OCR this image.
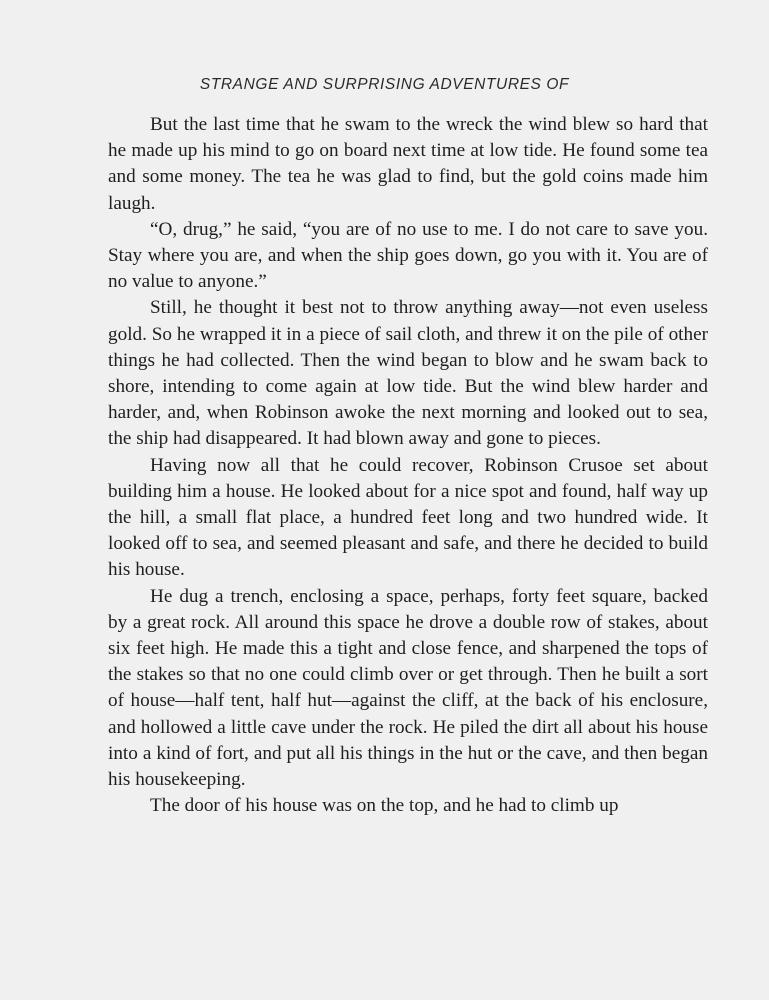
STRANGE AND SURPRISING ADVENTURES OF

But the last time that he swam to the wreck the wind blew so hard that he made up his mind to go on board next time at low tide. He found some tea and some money. The tea he was glad to find, but the gold coins made him laugh.

“O, drug,” he said, “you are of no use to me. I do not care to save you. Stay where you are, and when the ship goes down, go you with it. You are of no value to anyone.”

Still, he thought it best not to throw anything away—not even useless gold. So he wrapped it in a piece of sail cloth, and threw it on the pile of other things he had collected. Then the wind began to blow and he swam back to shore, intending to come again at low tide. But the wind blew harder and harder, and, when Robinson awoke the next morning and looked out to sea, the ship had disappeared. It had blown away and gone to pieces.

Having now all that he could recover, Robinson Crusoe set about building him a house. He looked about for a nice spot and found, half way up the hill, a small flat place, a hundred feet long and two hundred wide. It looked off to sea, and seemed pleasant and safe, and there he decided to build his house.

He dug a trench, enclosing a space, perhaps, forty feet square, backed by a great rock. All around this space he drove a double row of stakes, about six feet high. He made this a tight and close fence, and sharpened the tops of the stakes so that no one could climb over or get through. Then he built a sort of house—half tent, half hut—against the cliff, at the back of his enclosure, and hollowed a little cave under the rock. He piled the dirt all about his house into a kind of fort, and put all his things in the hut or the cave, and then began his housekeeping.

The door of his house was on the top, and he had to climb up
